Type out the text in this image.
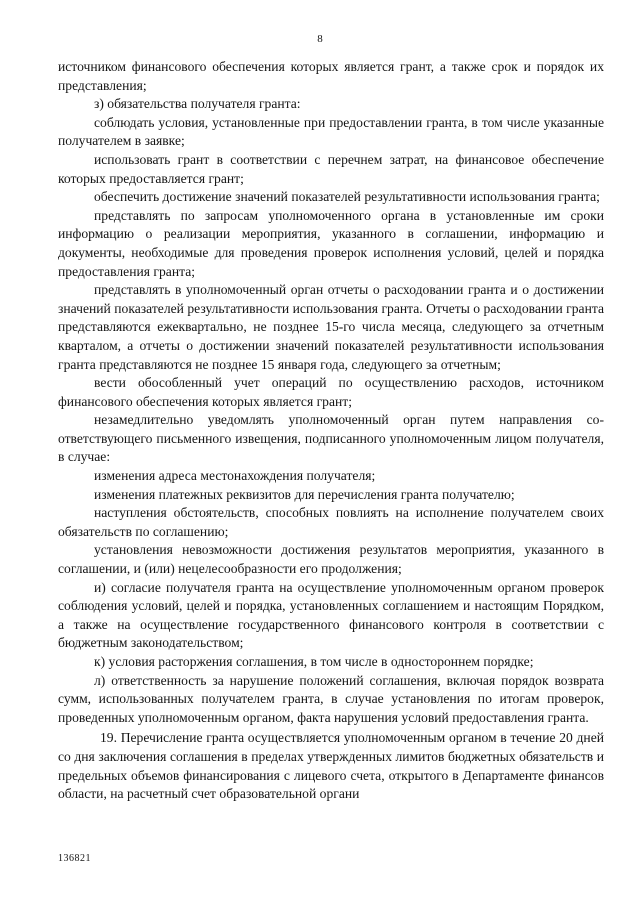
8

источником финансового обеспечения которых является грант, а также срок и порядок их представления;

з) обязательства получателя гранта:

соблюдать условия, установленные при предоставлении гранта, в том числе указанные получателем в заявке;

использовать грант в соответствии с перечнем затрат, на финансовое обеспечение которых предоставляется грант;

обеспечить достижение значений показателей результативности использования гранта;

представлять по запросам уполномоченного органа в установленные им сроки информацию о реализации мероприятия, указанного в соглашении, информацию и документы, необходимые для проведения проверок исполнения условий, целей и порядка предоставления гранта;

представлять в уполномоченный орган отчеты о расходовании гранта и о достижении значений показателей результативности использования гранта. Отчеты о расходовании гранта представляются ежеквартально, не позднее 15-го числа месяца, следующего за отчетным кварталом, а отчеты о достижении значений показателей результативности использования гранта представляются не позднее 15 января года, следующего за отчетным;

вести обособленный учет операций по осуществлению расходов, источником финансового обеспечения которых является грант;

незамедлительно уведомлять уполномоченный орган путем направления соответствующего письменного извещения, подписанного уполномоченным лицом получателя, в случае:

изменения адреса местонахождения получателя;

изменения платежных реквизитов для перечисления гранта получателю;

наступления обстоятельств, способных повлиять на исполнение получателем своих обязательств по соглашению;

установления невозможности достижения результатов мероприятия, указанного в соглашении, и (или) нецелесообразности его продолжения;

и) согласие получателя гранта на осуществление уполномоченным органом проверок соблюдения условий, целей и порядка, установленных соглашением и настоящим Порядком, а также на осуществление государственного финансового контроля в соответствии с бюджетным законодательством;

к) условия расторжения соглашения, в том числе в одностороннем порядке;

л) ответственность за нарушение положений соглашения, включая порядок возврата сумм, использованных получателем гранта, в случае установления по итогам проверок, проведенных уполномоченным органом, факта нарушения условий предоставления гранта.

19. Перечисление гранта осуществляется уполномоченным органом в течение 20 дней со дня заключения соглашения в пределах утвержденных лимитов бюджетных обязательств и предельных объемов финансирования с лицевого счета, открытого в Департаменте финансов области, на расчетный счет образовательной органи

136821
